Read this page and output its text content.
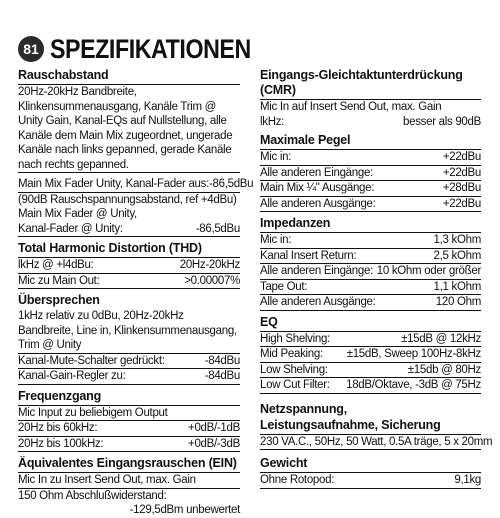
81 SPEZIFIKATIONEN
Rauschabstand
20Hz-20kHz Bandbreite, Klinkensummenausgang, Kanäle Trim @ Unity Gain, Kanal-EQs auf Nullstellung, alle Kanäle dem Main Mix zugeordnet, ungerade Kanäle nach links gepanned, gerade Kanäle nach rechts gepanned.
Main Mix Fader Unity, Kanal-Fader aus: -86,5dBu
(90dB Rauschspannungsabstand, ref +4dBu)
Main Mix Fader @ Unity,
Kanal-Fader @ Unity:	-86,5dBu
Total Harmonic Distortion (THD)
lkHz @ +l4dBu:	20Hz-20kHz
Mic zu Main Out:	>0.00007%
Übersprechen
1kHz relativ zu 0dBu, 20Hz-20kHz Bandbreite, Line in, Klinkensummenausgang, Trim @ Unity
Kanal-Mute-Schalter gedrückt:	-84dBu
Kanal-Gain-Regler zu:	-84dBu
Frequenzgang
Mic Input zu beliebigem Output
20Hz bis 60kHz:	+0dB/-1dB
20Hz bis 100kHz:	+0dB/-3dB
Äquivalentes Eingangsrauschen (EIN)
Mic In zu Insert Send Out, max. Gain
150 Ohm Abschlußwiderstand:
-129,5dBm unbewertet
Eingangs-Gleichtaktunterdrückung (CMR)
Mic In auf Insert Send Out, max. Gain
lkHz:	besser als 90dB
Maximale Pegel
Mic in:	+22dBu
Alle anderen Eingänge:	+22dBu
Main Mix ¼" Ausgänge:	+28dBu
Alle anderen Ausgänge:	+22dBu
Impedanzen
Mic in:	1,3 kOhm
Kanal Insert Return:	2,5 kOhm
Alle anderen Eingänge: 10 kOhm oder größer
Tape Out:	1,1 kOhm
Alle anderen Ausgänge:	120 Ohm
EQ
High Shelving:	±15dB @ 12kHz
Mid Peaking: ±15dB, Sweep 100Hz-8kHz
Low Shelving:	±15db @ 80Hz
Low Cut Filter: 18dB/Oktave, -3dB @ 75Hz
Netzspannung,
Leistungsaufnahme, Sicherung
230 VA.C., 50Hz, 50 Watt, 0.5A träge, 5 x 20mm
Gewicht
Ohne Rotopod:	9,1kg
